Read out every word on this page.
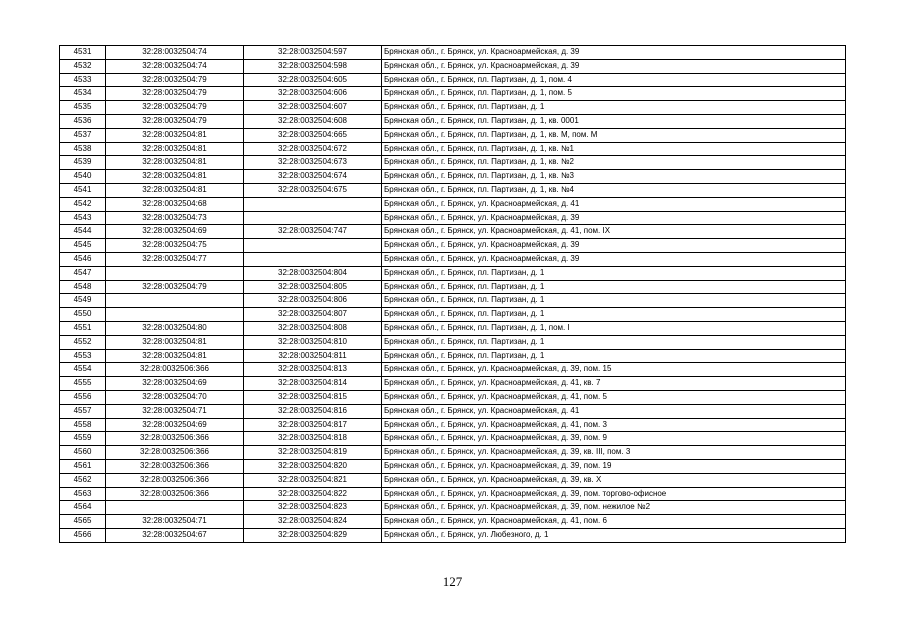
4531	32:28:0032504:74	32:28:0032504:597	Брянская обл., г. Брянск, ул. Красноармейская, д. 39
4532	32:28:0032504:74	32:28:0032504:598	Брянская обл., г. Брянск, ул. Красноармейская, д. 39
4533	32:28:0032504:79	32:28:0032504:605	Брянская обл., г. Брянск, пл. Партизан, д. 1, пом. 4
4534	32:28:0032504:79	32:28:0032504:606	Брянская обл., г. Брянск, пл. Партизан, д. 1, пом. 5
4535	32:28:0032504:79	32:28:0032504:607	Брянская обл., г. Брянск, пл. Партизан, д. 1
4536	32:28:0032504:79	32:28:0032504:608	Брянская обл., г. Брянск, пл. Партизан, д. 1, кв. 0001
4537	32:28:0032504:81	32:28:0032504:665	Брянская обл., г. Брянск, пл. Партизан, д. 1, кв. М, пом. М
4538	32:28:0032504:81	32:28:0032504:672	Брянская обл., г. Брянск, пл. Партизан, д. 1, кв. №1
4539	32:28:0032504:81	32:28:0032504:673	Брянская обл., г. Брянск, пл. Партизан, д. 1, кв. №2
4540	32:28:0032504:81	32:28:0032504:674	Брянская обл., г. Брянск, пл. Партизан, д. 1, кв. №3
4541	32:28:0032504:81	32:28:0032504:675	Брянская обл., г. Брянск, пл. Партизан, д. 1, кв. №4
4542	32:28:0032504:68		Брянская обл., г. Брянск, ул. Красноармейская, д. 41
4543	32:28:0032504:73		Брянская обл., г. Брянск, ул. Красноармейская, д. 39
4544	32:28:0032504:69	32:28:0032504:747	Брянская обл., г. Брянск, ул. Красноармейская, д. 41, пом. IX
4545	32:28:0032504:75		Брянская обл., г. Брянск, ул. Красноармейская, д. 39
4546	32:28:0032504:77		Брянская обл., г. Брянск, ул. Красноармейская, д. 39
4547		32:28:0032504:804	Брянская обл., г. Брянск, пл. Партизан, д. 1
4548	32:28:0032504:79	32:28:0032504:805	Брянская обл., г. Брянск, пл. Партизан, д. 1
4549		32:28:0032504:806	Брянская обл., г. Брянск, пл. Партизан, д. 1
4550		32:28:0032504:807	Брянская обл., г. Брянск, пл. Партизан, д. 1
4551	32:28:0032504:80	32:28:0032504:808	Брянская обл., г. Брянск, пл. Партизан, д. 1, пом. I
4552	32:28:0032504:81	32:28:0032504:810	Брянская обл., г. Брянск, пл. Партизан, д. 1
4553	32:28:0032504:81	32:28:0032504:811	Брянская обл., г. Брянск, пл. Партизан, д. 1
4554	32:28:0032506:366	32:28:0032504:813	Брянская обл., г. Брянск, ул. Красноармейская, д. 39, пом. 15
4555	32:28:0032504:69	32:28:0032504:814	Брянская обл., г. Брянск, ул. Красноармейская, д. 41, кв. 7
4556	32:28:0032504:70	32:28:0032504:815	Брянская обл., г. Брянск, ул. Красноармейская, д. 41, пом. 5
4557	32:28:0032504:71	32:28:0032504:816	Брянская обл., г. Брянск, ул. Красноармейская, д. 41
4558	32:28:0032504:69	32:28:0032504:817	Брянская обл., г. Брянск, ул. Красноармейская, д. 41, пом. 3
4559	32:28:0032506:366	32:28:0032504:818	Брянская обл., г. Брянск, ул. Красноармейская, д. 39, пом. 9
4560	32:28:0032506:366	32:28:0032504:819	Брянская обл., г. Брянск, ул. Красноармейская, д. 39, кв. III, пом. 3
4561	32:28:0032506:366	32:28:0032504:820	Брянская обл., г. Брянск, ул. Красноармейская, д. 39, пом. 19
4562	32:28:0032506:366	32:28:0032504:821	Брянская обл., г. Брянск, ул. Красноармейская, д. 39, кв. Х
4563	32:28:0032506:366	32:28:0032504:822	Брянская обл., г. Брянск, ул. Красноармейская, д. 39, пом. торгово-офисное
4564		32:28:0032504:823	Брянская обл., г. Брянск, ул. Красноармейская, д. 39, пом. нежилое №2
4565	32:28:0032504:71	32:28:0032504:824	Брянская обл., г. Брянск, ул. Красноармейская, д. 41, пом. 6
4566	32:28:0032504:67	32:28:0032504:829	Брянская обл., г. Брянск, ул. Любезного, д. 1
127
